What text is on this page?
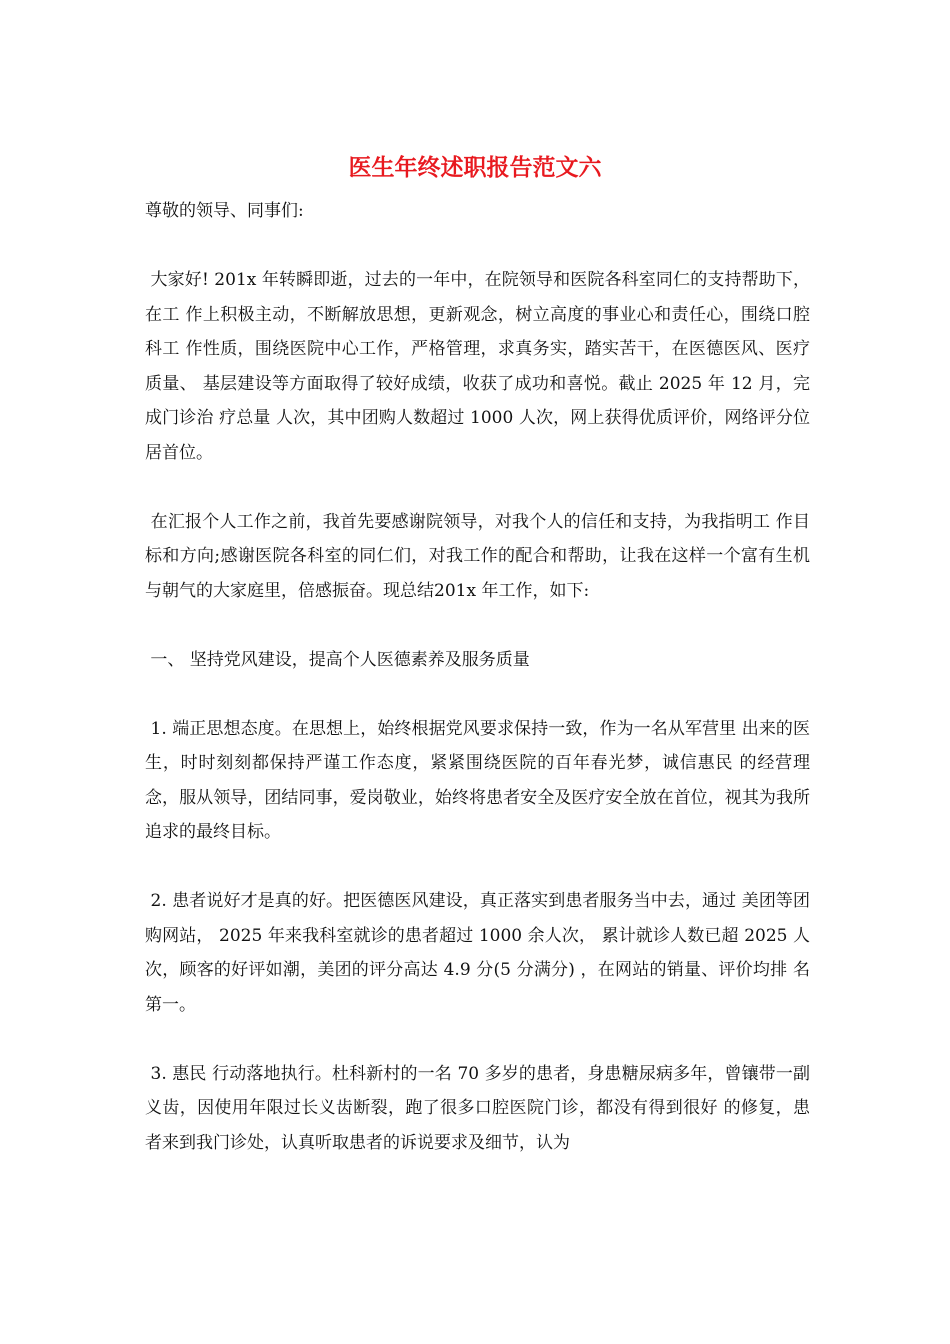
医生年终述职报告范文六

尊敬的领导、同事们:

大家好! 201x 年转瞬即逝，过去的一年中，在院领导和医院各科室同仁的支持帮助下，在工 作上积极主动，不断解放思想，更新观念，树立高度的事业心和责任心，围绕口腔科工 作性质，围绕医院中心工作，严格管理，求真务实，踏实苦干，在医德医风、医疗质量、 基层建设等方面取得了较好成绩，收获了成功和喜悦。截止 2025 年 12 月，完成门诊治 疗总量 人次，其中团购人数超过 1000 人次，网上获得优质评价，网络评分位居首位。

在汇报个人工作之前，我首先要感谢院领导，对我个人的信任和支持，为我指明工 作目标和方向;感谢医院各科室的同仁们，对我工作的配合和帮助，让我在这样一个富有生机与朝气的大家庭里，倍感振奋。现总结201x 年工作，如下:

一、 坚持党风建设，提高个人医德素养及服务质量

1. 端正思想态度。在思想上，始终根据党风要求保持一致，作为一名从军营里 出来的医生，时时刻刻都保持严谨工作态度，紧紧围绕医院的百年春光梦，诚信惠民 的经营理念，服从领导，团结同事，爱岗敬业，始终将患者安全及医疗安全放在首位，视其为我所追求的最终目标。

2. 患者说好才是真的好。把医德医风建设，真正落实到患者服务当中去，通过 美团等团购网站， 2025 年来我科室就诊的患者超过 1000 余人次， 累计就诊人数已超 2025 人次，顾客的好评如潮，美团的评分高达 4.9 分(5 分满分) ，在网站的销量、评价均排 名第一。

3. 惠民 行动落地执行。杜科新村的一名 70 多岁的患者，身患糖尿病多年，曾镶带一副义齿，因使用年限过长义齿断裂，跑了很多口腔医院门诊，都没有得到很好 的修复，患者来到我门诊处，认真听取患者的诉说要求及细节，认为
